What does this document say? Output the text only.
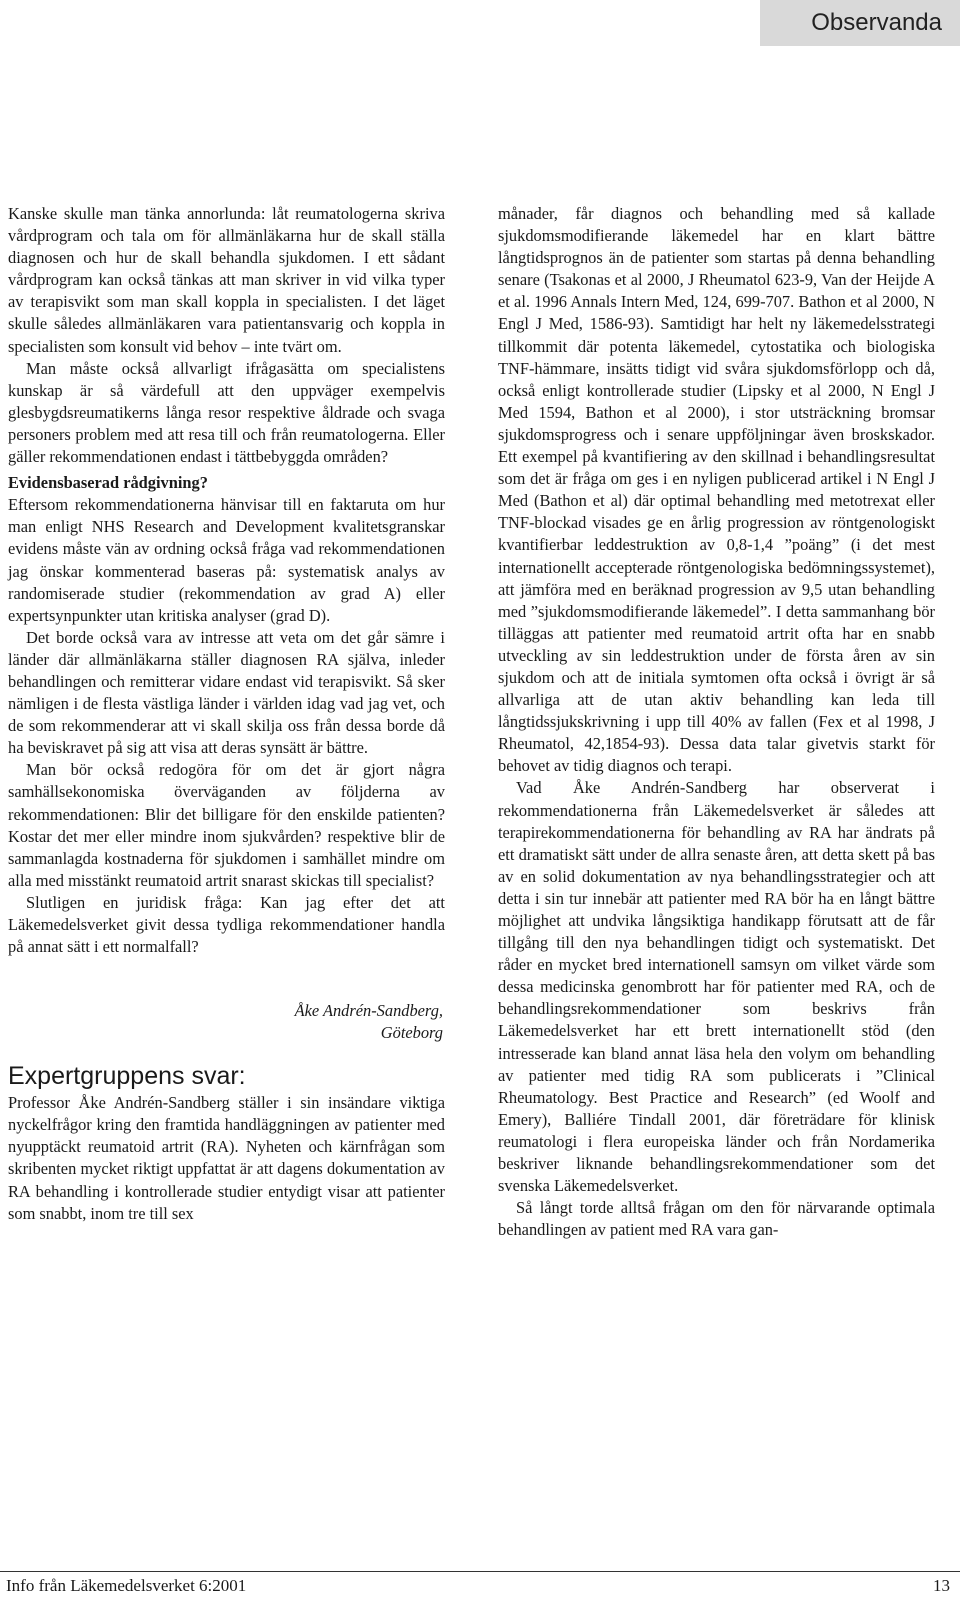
Observanda

Kanske skulle man tänka annorlunda: låt reumatologerna skriva vårdprogram och tala om för allmänläkarna hur de skall ställa diagnosen och hur de skall behandla sjukdomen. I ett sådant vårdprogram kan också tänkas att man skriver in vid vilka typer av terapisvikt som man skall koppla in specialisten. I det läget skulle således allmänläkaren vara patientansvarig och koppla in specialisten som konsult vid behov – inte tvärt om.

Man måste också allvarligt ifrågasätta om specialistens kunskap är så värdefull att den uppväger exempelvis glesbygdsreumatikerns långa resor respektive åldrade och svaga personers problem med att resa till och från reumatologerna. Eller gäller rekommendationen endast i tättbebyggda områden?

Evidensbaserad rådgivning?

Eftersom rekommendationerna hänvisar till en faktaruta om hur man enligt NHS Research and Development kvalitetsgranskar evidens måste vän av ordning också fråga vad rekommendationen jag önskar kommenterad baseras på: systematisk analys av randomiserade studier (rekommendation av grad A) eller expertsynpunkter utan kritiska analyser (grad D).

Det borde också vara av intresse att veta om det går sämre i länder där allmänläkarna ställer diagnosen RA själva, inleder behandlingen och remitterar vidare endast vid terapisvikt. Så sker nämligen i de flesta västliga länder i världen idag vad jag vet, och de som rekommenderar att vi skall skilja oss från dessa borde då ha beviskravet på sig att visa att deras synsätt är bättre.

Man bör också redogöra för om det är gjort några samhällsekonomiska överväganden av följderna av rekommendationen: Blir det billigare för den enskilde patienten? Kostar det mer eller mindre inom sjukvården? respektive blir de sammanlagda kostnaderna för sjukdomen i samhället mindre om alla med misstänkt reumatoid artrit snarast skickas till specialist?

Slutligen en juridisk fråga: Kan jag efter det att Läkemedelsverket givit dessa tydliga rekommendationer handla på annat sätt i ett normalfall?

Åke Andrén-Sandberg,
Göteborg
Expertgruppens svar:

Professor Åke Andrén-Sandberg ställer i sin insändare viktiga nyckelfrågor kring den framtida handläggningen av patienter med nyupptäckt reumatoid artrit (RA). Nyheten och kärnfrågan som skribenten mycket riktigt uppfattat är att dagens dokumentation av RA behandling i kontrollerade studier entydigt visar att patienter som snabbt, inom tre till sex

månader, får diagnos och behandling med så kallade sjukdomsmodifierande läkemedel har en klart bättre långtidsprognos än de patienter som startas på denna behandling senare (Tsakonas et al 2000, J Rheumatol 623-9, Van der Heijde A et al. 1996 Annals Intern Med, 124, 699-707. Bathon et al 2000, N Engl J Med, 1586-93). Samtidigt har helt ny läkemedelsstrategi tillkommit där potenta läkemedel, cytostatika och biologiska TNF-hämmare, insätts tidigt vid svåra sjukdomsförlopp och då, också enligt kontrollerade studier (Lipsky et al 2000, N Engl J Med 1594, Bathon et al 2000), i stor utsträckning bromsar sjukdomsprogress och i senare uppföljningar även broskskador. Ett exempel på kvantifiering av den skillnad i behandlingsresultat som det är fråga om ges i en nyligen publicerad artikel i N Engl J Med (Bathon et al) där optimal behandling med metotrexat eller TNF-blockad visades ge en årlig progression av röntgenologiskt kvantifierbar leddestruktion av 0,8-1,4 ”poäng” (i det mest internationellt accepterade röntgenologiska bedömningssystemet), att jämföra med en beräknad progression av 9,5 utan behandling med ”sjukdomsmodifierande läkemedel”. I detta sammanhang bör tilläggas att patienter med reumatoid artrit ofta har en snabb utveckling av sin leddestruktion under de första åren av sin sjukdom och att de initiala symtomen ofta också i övrigt är så allvarliga att de utan aktiv behandling kan leda till långtidssjukskrivning i upp till 40% av fallen (Fex et al 1998, J Rheumatol, 42,1854-93). Dessa data talar givetvis starkt för behovet av tidig diagnos och terapi.

Vad Åke Andrén-Sandberg har observerat i rekommendationerna från Läkemedelsverket är således att terapirekommendationerna för behandling av RA har ändrats på ett dramatiskt sätt under de allra senaste åren, att detta skett på bas av en solid dokumentation av nya behandlingsstrategier och att detta i sin tur innebär att patienter med RA bör ha en långt bättre möjlighet att undvika långsiktiga handikapp förutsatt att de får tillgång till den nya behandlingen tidigt och systematiskt. Det råder en mycket bred internationell samsyn om vilket värde som dessa medicinska genombrott har för patienter med RA, och de behandlingsrekommendationer som beskrivs från Läkemedelsverket har ett brett internationellt stöd (den intresserade kan bland annat läsa hela den volym om behandling av patienter med tidig RA som publicerats i ”Clinical Rheumatology. Best Practice and Research” (ed Woolf and Emery), Balliére Tindall 2001, där företrädare för klinisk reumatologi i flera europeiska länder och från Nordamerika beskriver liknande behandlingsrekommendationer som det svenska Läkemedelsverket.

Så långt torde alltså frågan om den för närvarande optimala behandlingen av patient med RA vara gan-

Info från Läkemedelsverket 6:2001	13
